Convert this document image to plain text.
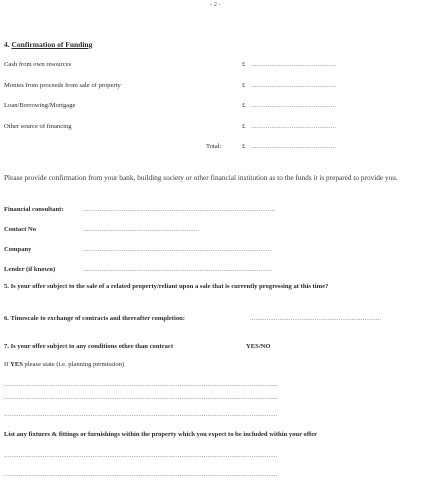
- 2 -
4. Confirmation of Funding
Cash from own resources	£ ..............................................
Monies from proceeds from sale of property	£ ..............................................
Loan/Borrowing/Mortgage	£ ..............................................
Other source of financing	£ ..............................................
Total:	£ ..............................................
Please provide confirmation from your bank, building society or other financial institution as to the funds it is prepared to provide you.
Financial consultant:	........................................................................................................
Contact No	...............................................................
Company	......................................................................................................
Lender (if known)	......................................................................................................
5. Is your offer subject to the sale of a related property/reliant upon a sale that is currently progressing at this time?
6. Timescale to exchange of contracts and thereafter completion:	.......................................................................
7. Is your offer subject to any conditions other than contract	YES/NO
If YES please state (i.e. planning permission)
....................................................................................................................................................
....................................................................................................................................................
....................................................................................................................................................
List any fixtures & fittings or furnishings within the property which you expect to be included within your offer
....................................................................................................................................................
....................................................................................................................................................
